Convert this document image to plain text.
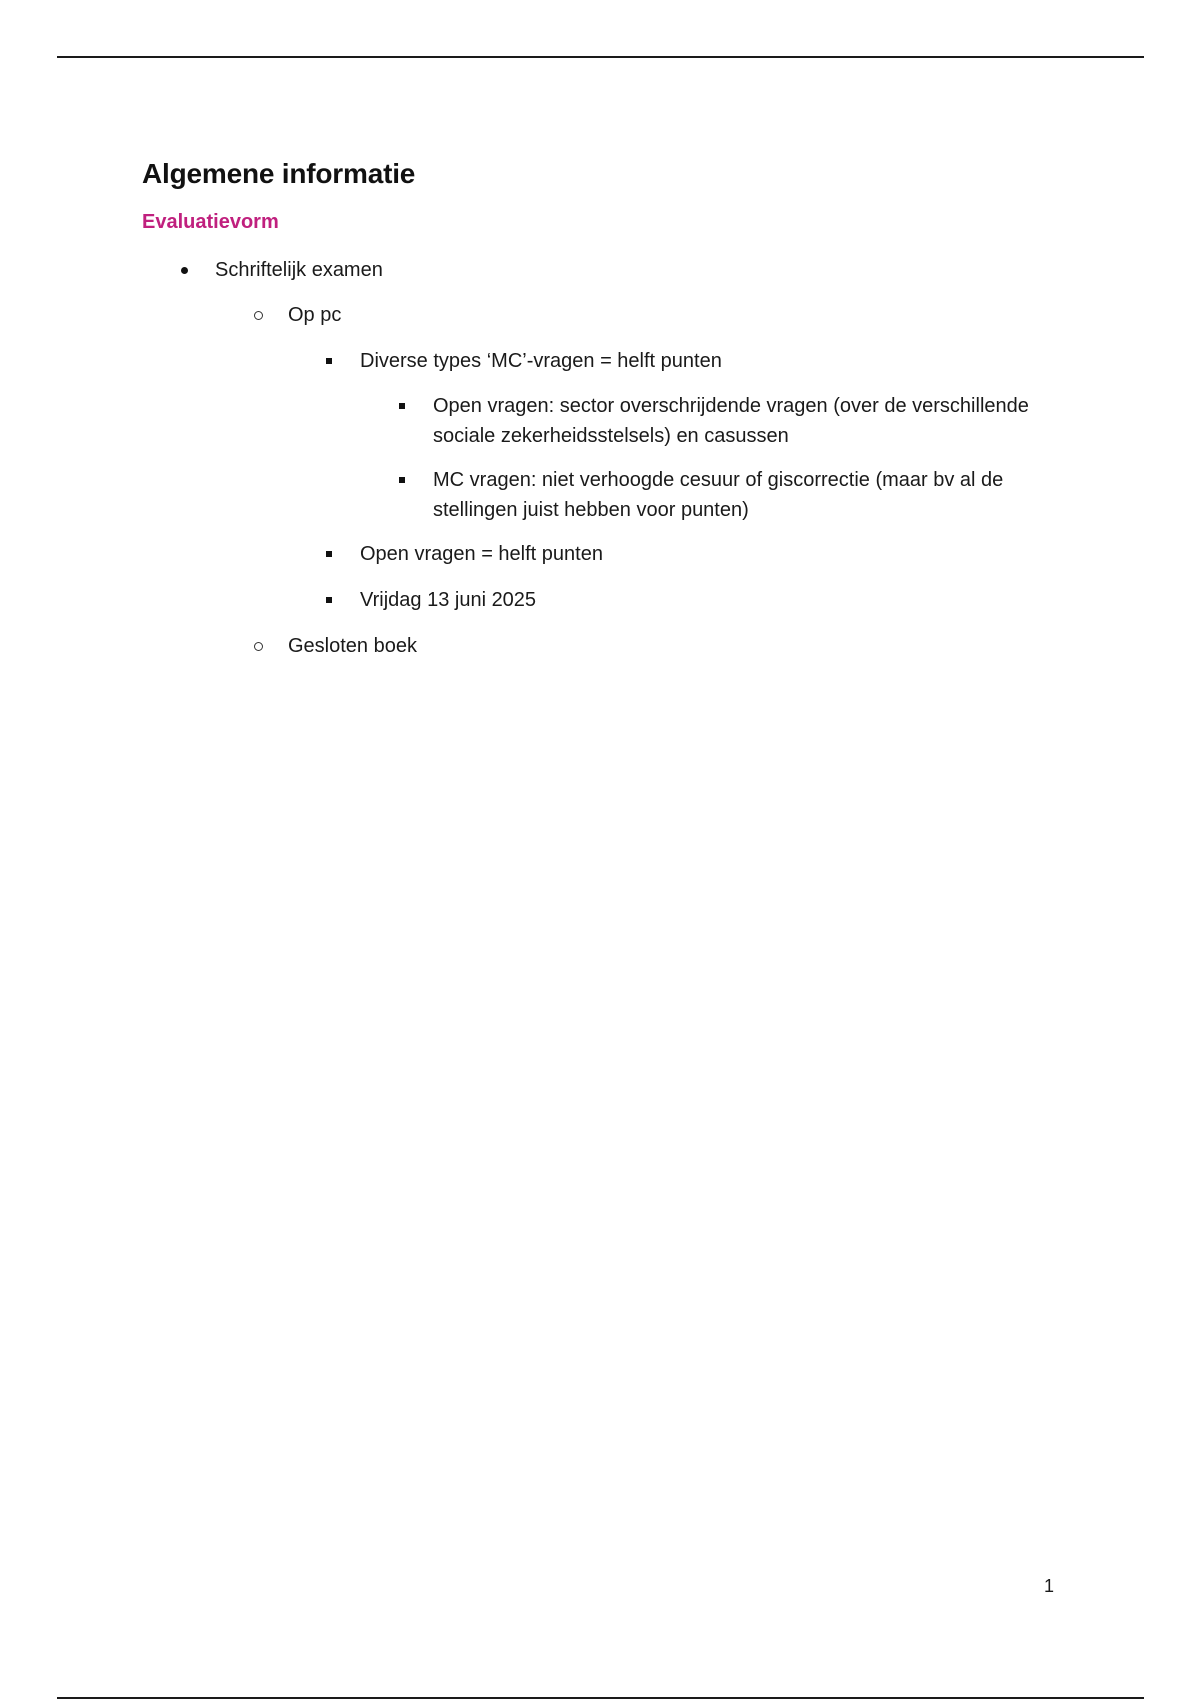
Algemene informatie
Evaluatievorm
Schriftelijk examen
Op pc
Diverse types ‘MC’-vragen = helft punten
Open vragen: sector overschrijdende vragen (over de verschillende sociale zekerheidsstelsels) en casussen
MC vragen: niet verhoogde cesuur of giscorrectie (maar bv al de stellingen juist hebben voor punten)
Open vragen = helft punten
Vrijdag 13 juni 2025
Gesloten boek
1
